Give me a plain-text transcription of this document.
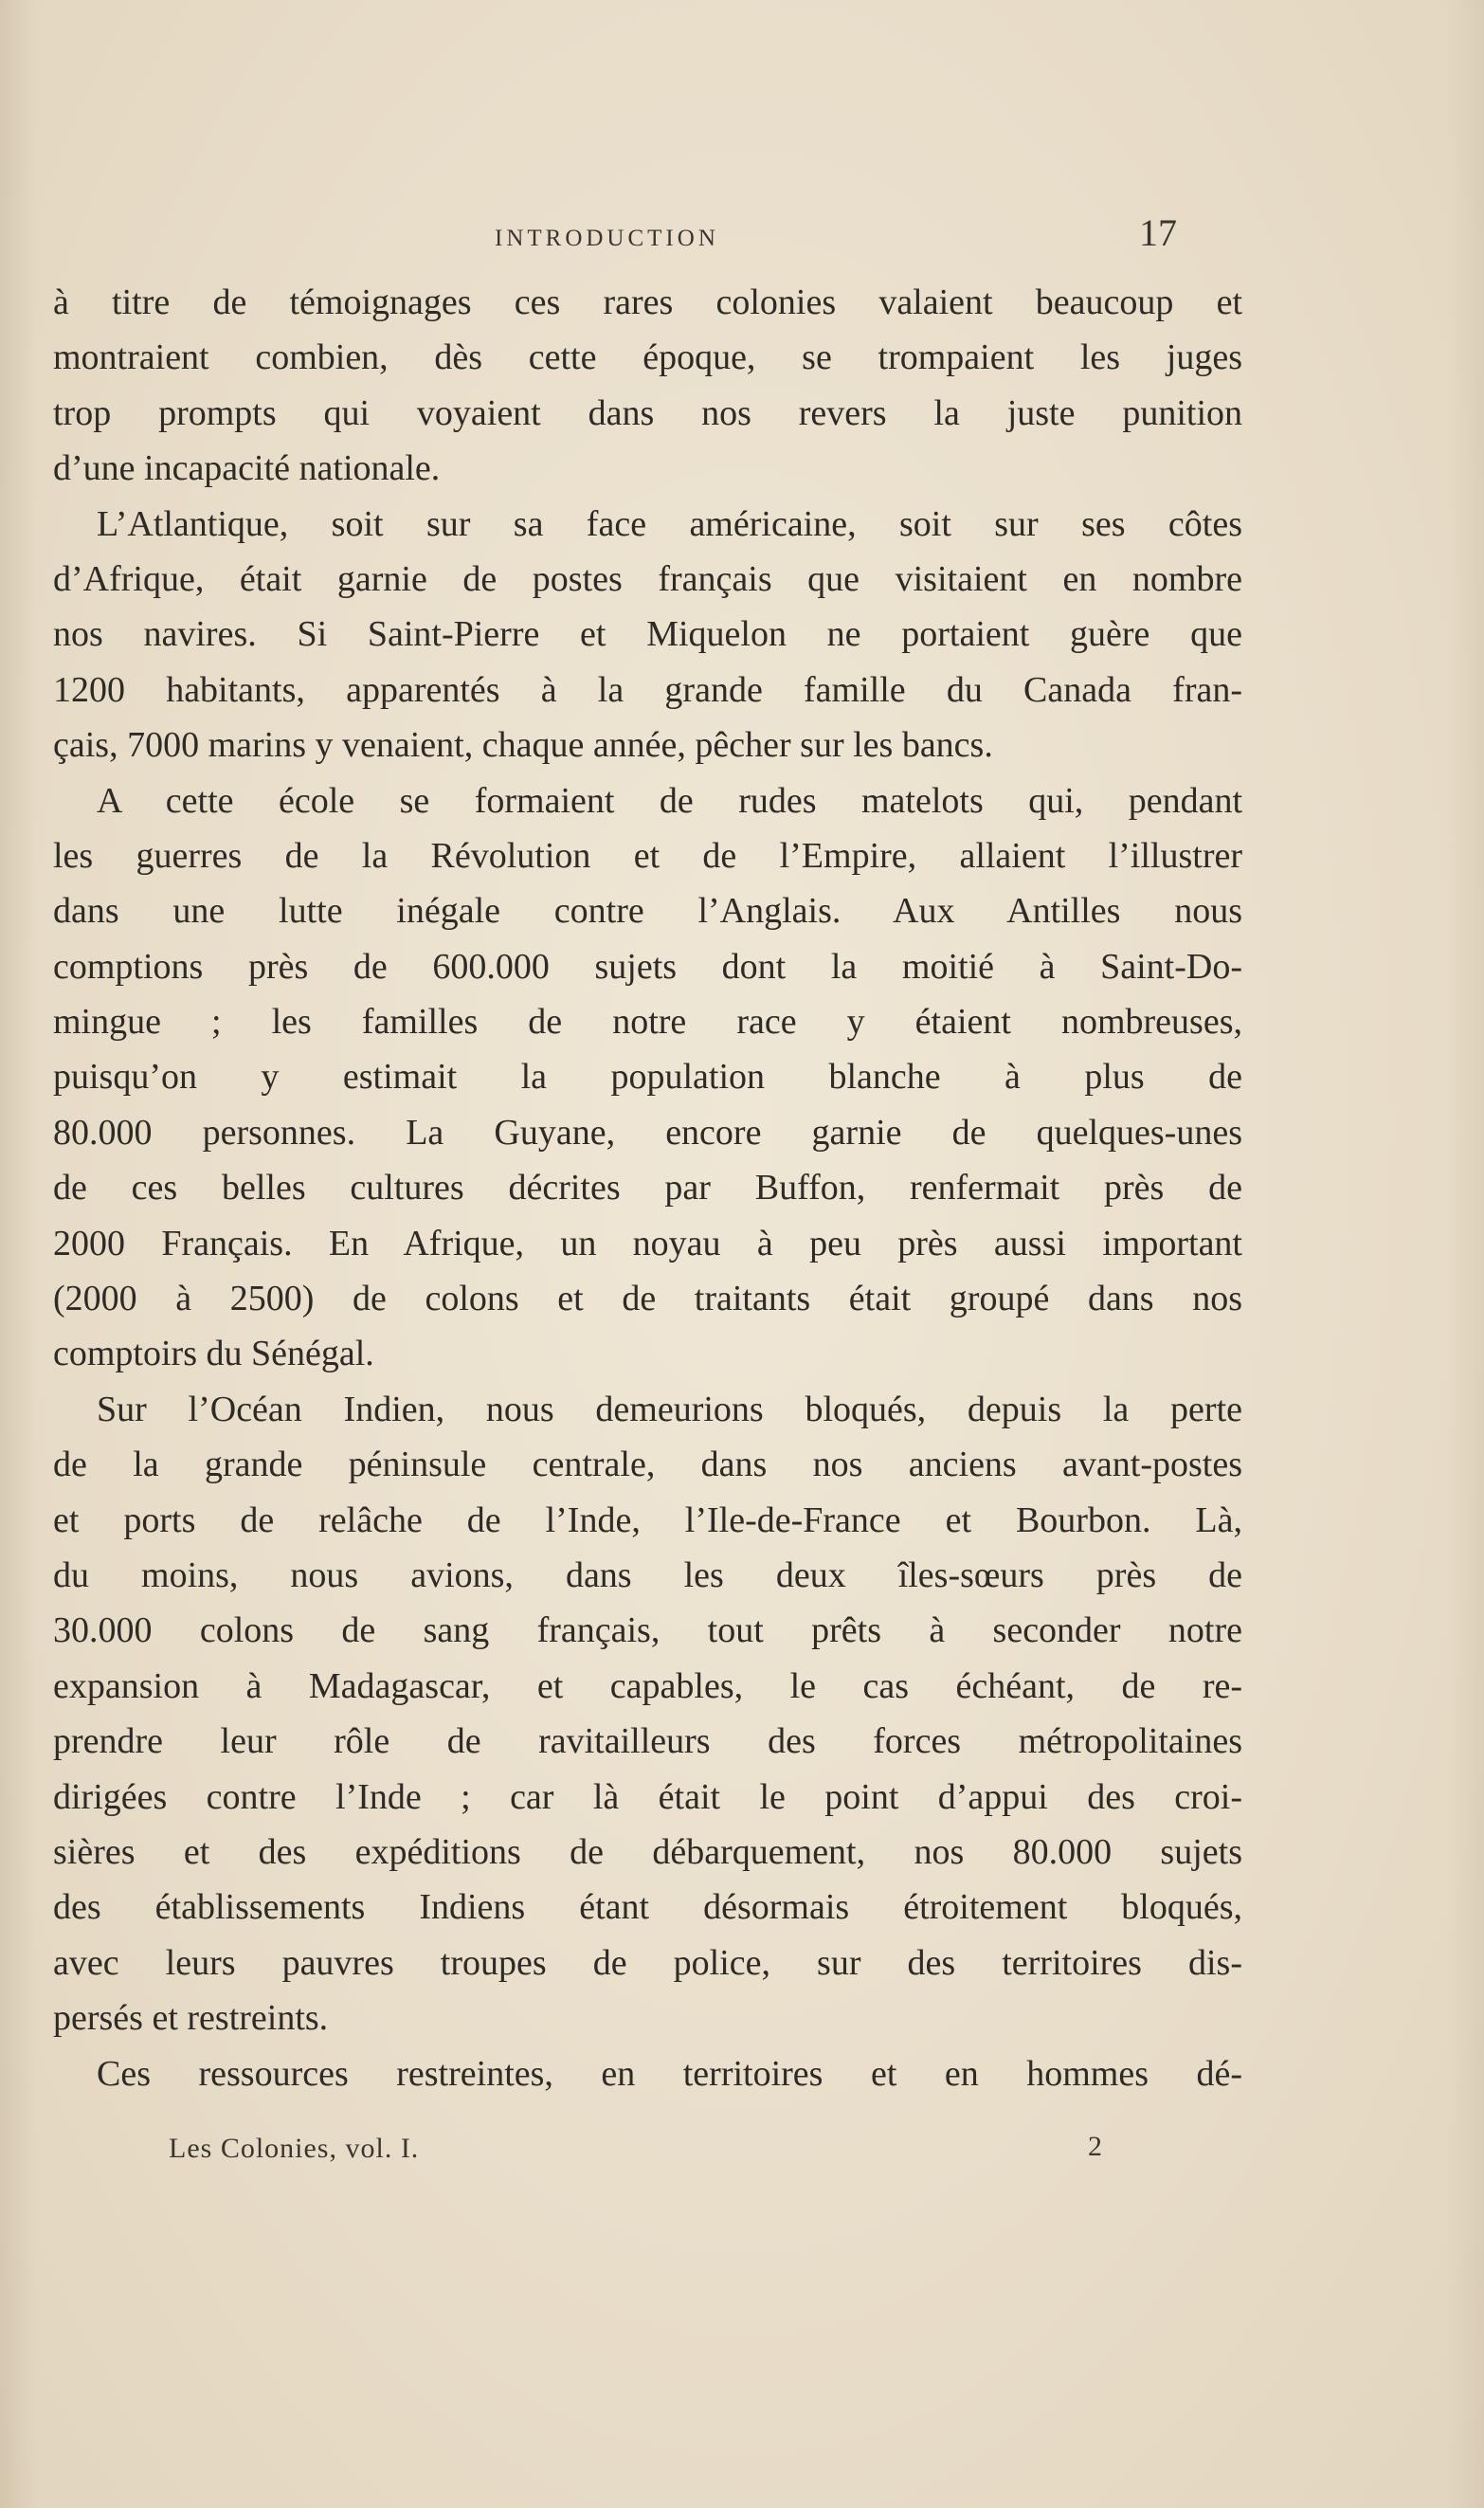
INTRODUCTION	17
à titre de témoignages ces rares colonies valaient beaucoup et
montraient combien, dès cette époque, se trompaient les juges
trop prompts qui voyaient dans nos revers la juste punition
d’une incapacité nationale.
L’Atlantique, soit sur sa face américaine, soit sur ses côtes
d’Afrique, était garnie de postes français que visitaient en nombre
nos navires. Si Saint-Pierre et Miquelon ne portaient guère que
1200 habitants, apparentés à la grande famille du Canada fran-
çais, 7000 marins y venaient, chaque année, pêcher sur les bancs.
A cette école se formaient de rudes matelots qui, pendant
les guerres de la Révolution et de l’Empire, allaient l’illustrer
dans une lutte inégale contre l’Anglais. Aux Antilles nous
comptions près de 600.000 sujets dont la moitié à Saint-Do-
mingue ; les familles de notre race y étaient nombreuses,
puisqu’on y estimait la population blanche à plus de
80.000 personnes. La Guyane, encore garnie de quelques-unes
de ces belles cultures décrites par Buffon, renfermait près de
2000 Français. En Afrique, un noyau à peu près aussi important
(2000 à 2500) de colons et de traitants était groupé dans nos
comptoirs du Sénégal.
Sur l’Océan Indien, nous demeurions bloqués, depuis la perte
de la grande péninsule centrale, dans nos anciens avant-postes
et ports de relâche de l’Inde, l’Ile-de-France et Bourbon. Là,
du moins, nous avions, dans les deux îles-sœurs près de
30.000 colons de sang français, tout prêts à seconder notre
expansion à Madagascar, et capables, le cas échéant, de re-
prendre leur rôle de ravitailleurs des forces métropolitaines
dirigées contre l’Inde ; car là était le point d’appui des croi-
sières et des expéditions de débarquement, nos 80.000 sujets
des établissements Indiens étant désormais étroitement bloqués,
avec leurs pauvres troupes de police, sur des territoires dis-
persés et restreints.
Ces ressources restreintes, en territoires et en hommes dé-
Les Colonies, vol. I.	2
